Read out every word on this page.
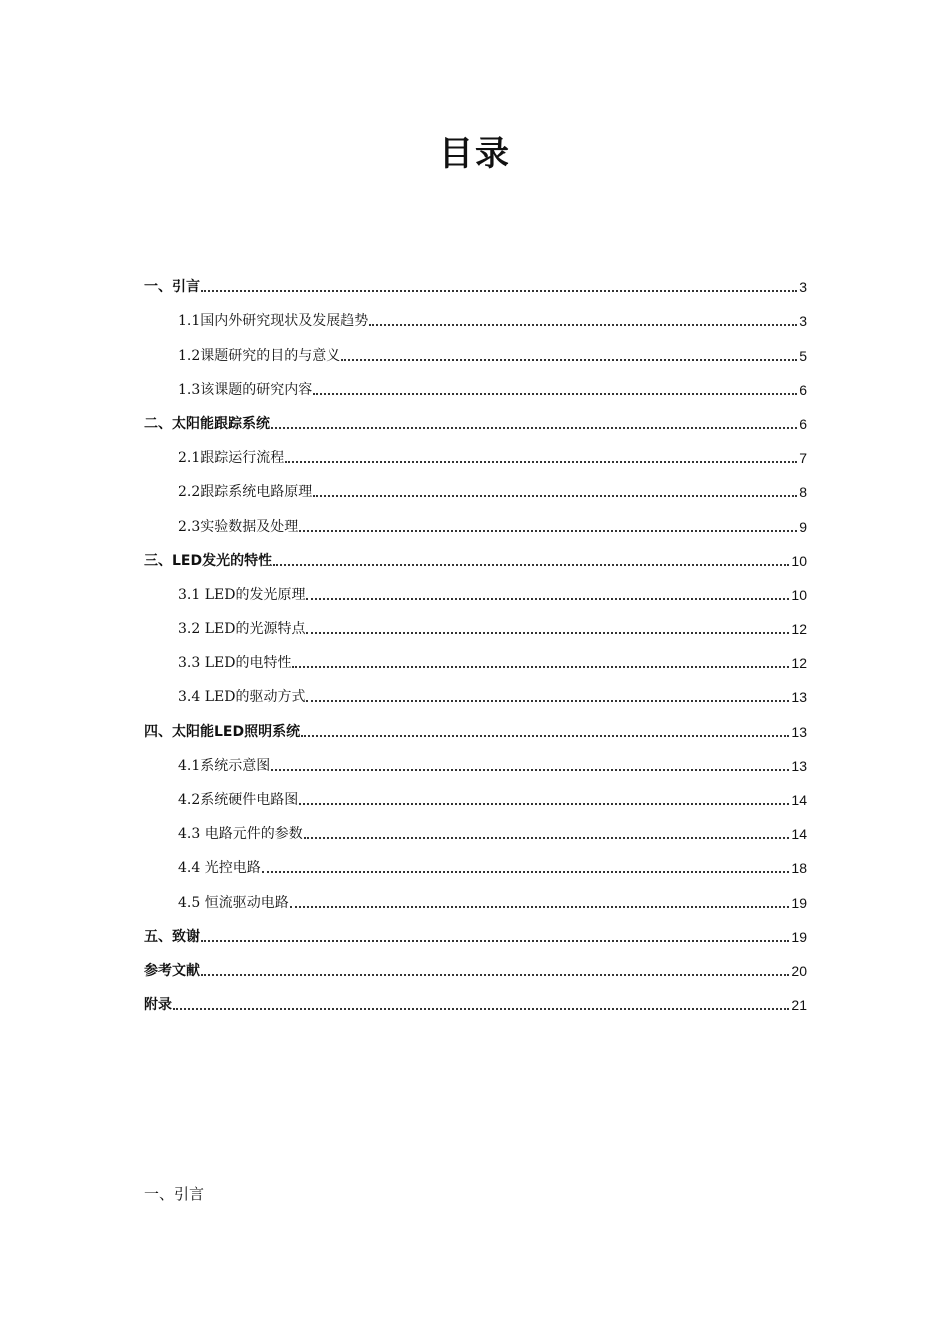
目录
一、引言	3
1.1国内外研究现状及发展趋势	3
1.2课题研究的目的与意义	5
1.3该课题的研究内容	6
二、太阳能跟踪系统	6
2.1跟踪运行流程	7
2.2跟踪系统电路原理	8
2.3实验数据及处理	9
三、LED发光的特性	10
3.1 LED的发光原理	10
3.2 LED的光源特点	12
3.3 LED的电特性	12
3.4 LED的驱动方式	13
四、太阳能LED照明系统	13
4.1系统示意图	13
4.2系统硬件电路图	14
4.3 电路元件的参数	14
4.4 光控电路	18
4.5 恒流驱动电路	19
五、致谢	19
参考文献	20
附录	21
一、引言
